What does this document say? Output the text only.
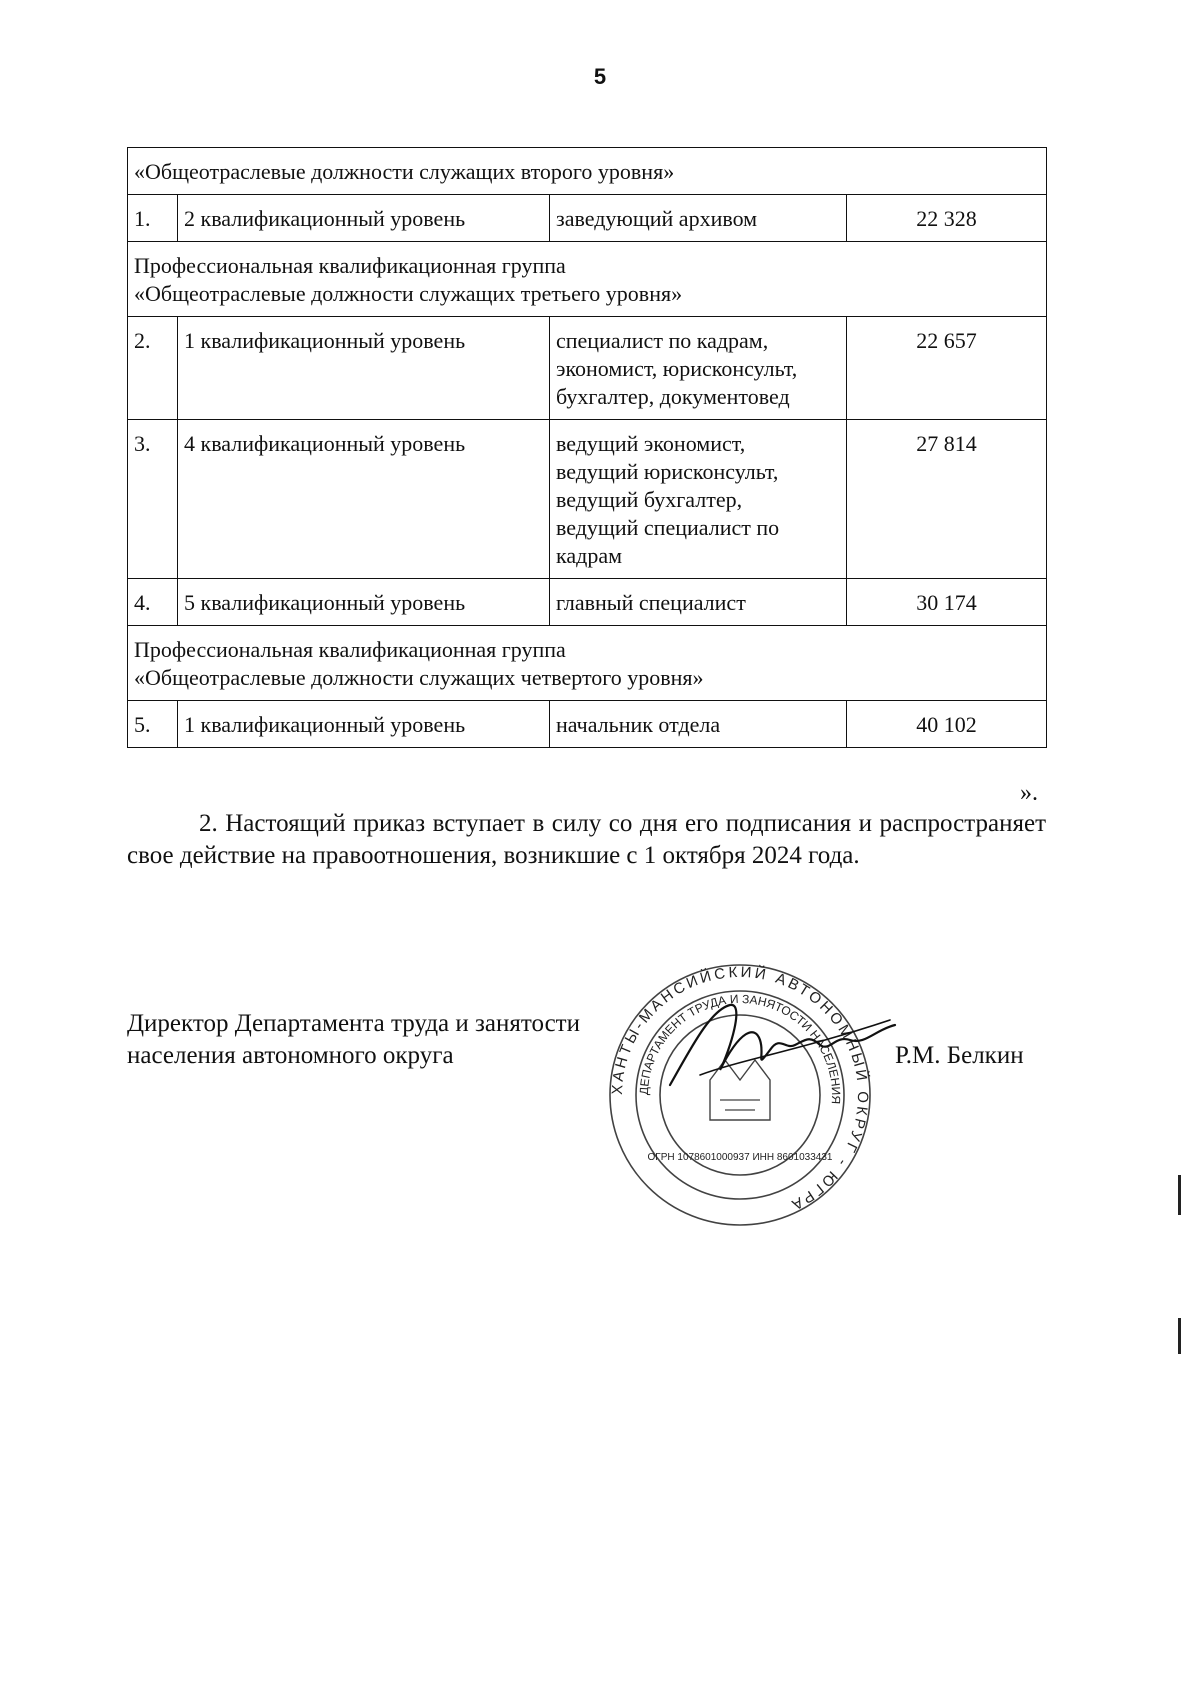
5
«Общеотраслевые должности служащих второго уровня»			

1.	2 квалификационный уровень	заведующий архивом	22 328

Профессиональная квалификационная группа
«Общеотраслевые должности служащих третьего уровня»			

2.	1 квалификационный уровень	специалист по кадрам,
экономист, юрисконсульт,
бухгалтер, документовед	22 657
3.	4 квалификационный уровень	ведущий экономист,
ведущий юрисконсульт,
ведущий бухгалтер,
ведущий специалист по
кадрам	27 814
4.	5 квалификационный уровень	главный специалист	30 174

Профессиональная квалификационная группа
«Общеотраслевые должности служащих четвертого уровня»			

5.	1 квалификационный уровень	начальник отдела	40 102
».
2. Настоящий приказ вступает в силу со дня его подписания и распространяет свое действие на правоотношения, возникшие с 1 октября 2024 года.
Директор Департамента труда и занятости
населения автономного округа
ХАНТЫ-МАНСИЙСКИЙ АВТОНОМНЫЙ ОКРУГ - ЮГРА
ДЕПАРТАМЕНТ ТРУДА И ЗАНЯТОСТИ НАСЕЛЕНИЯ
ОГРН 1078601000937 ИНН 8601033431
Р.М. Белкин
